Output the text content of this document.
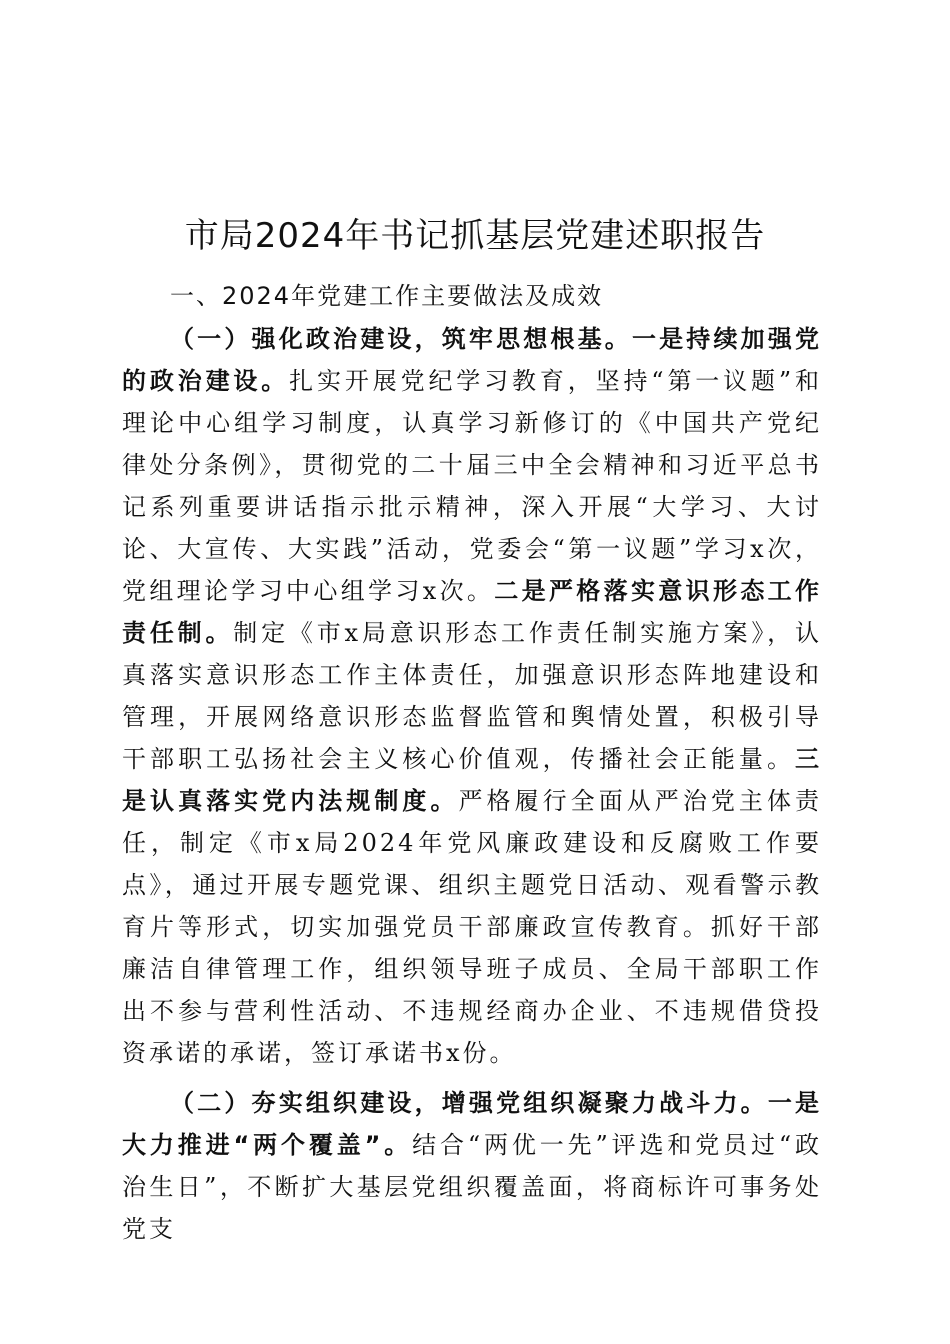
市局2024年书记抓基层党建述职报告

一、2024年党建工作主要做法及成效

（一）强化政治建设，筑牢思想根基。一是持续加强党的政治建设。扎实开展党纪学习教育，坚持“第一议题”和理论中心组学习制度，认真学习新修订的《中国共产党纪律处分条例》，贯彻党的二十届三中全会精神和习近平总书记系列重要讲话指示批示精神，深入开展“大学习、大讨论、大宣传、大实践”活动，党委会“第一议题”学习x次，党组理论学习中心组学习x次。二是严格落实意识形态工作责任制。制定《市x局意识形态工作责任制实施方案》，认真落实意识形态工作主体责任，加强意识形态阵地建设和管理，开展网络意识形态监督监管和舆情处置，积极引导干部职工弘扬社会主义核心价值观，传播社会正能量。三是认真落实党内法规制度。严格履行全面从严治党主体责任，制定《市x局2024年党风廉政建设和反腐败工作要点》，通过开展专题党课、组织主题党日活动、观看警示教育片等形式，切实加强党员干部廉政宣传教育。抓好干部廉洁自律管理工作，组织领导班子成员、全局干部职工作出不参与营利性活动、不违规经商办企业、不违规借贷投资承诺的承诺，签订承诺书x份。

（二）夯实组织建设，增强党组织凝聚力战斗力。一是大力推进“两个覆盖”。结合“两优一先”评选和党员过“政治生日”，不断扩大基层党组织覆盖面，将商标许可事务处党支
